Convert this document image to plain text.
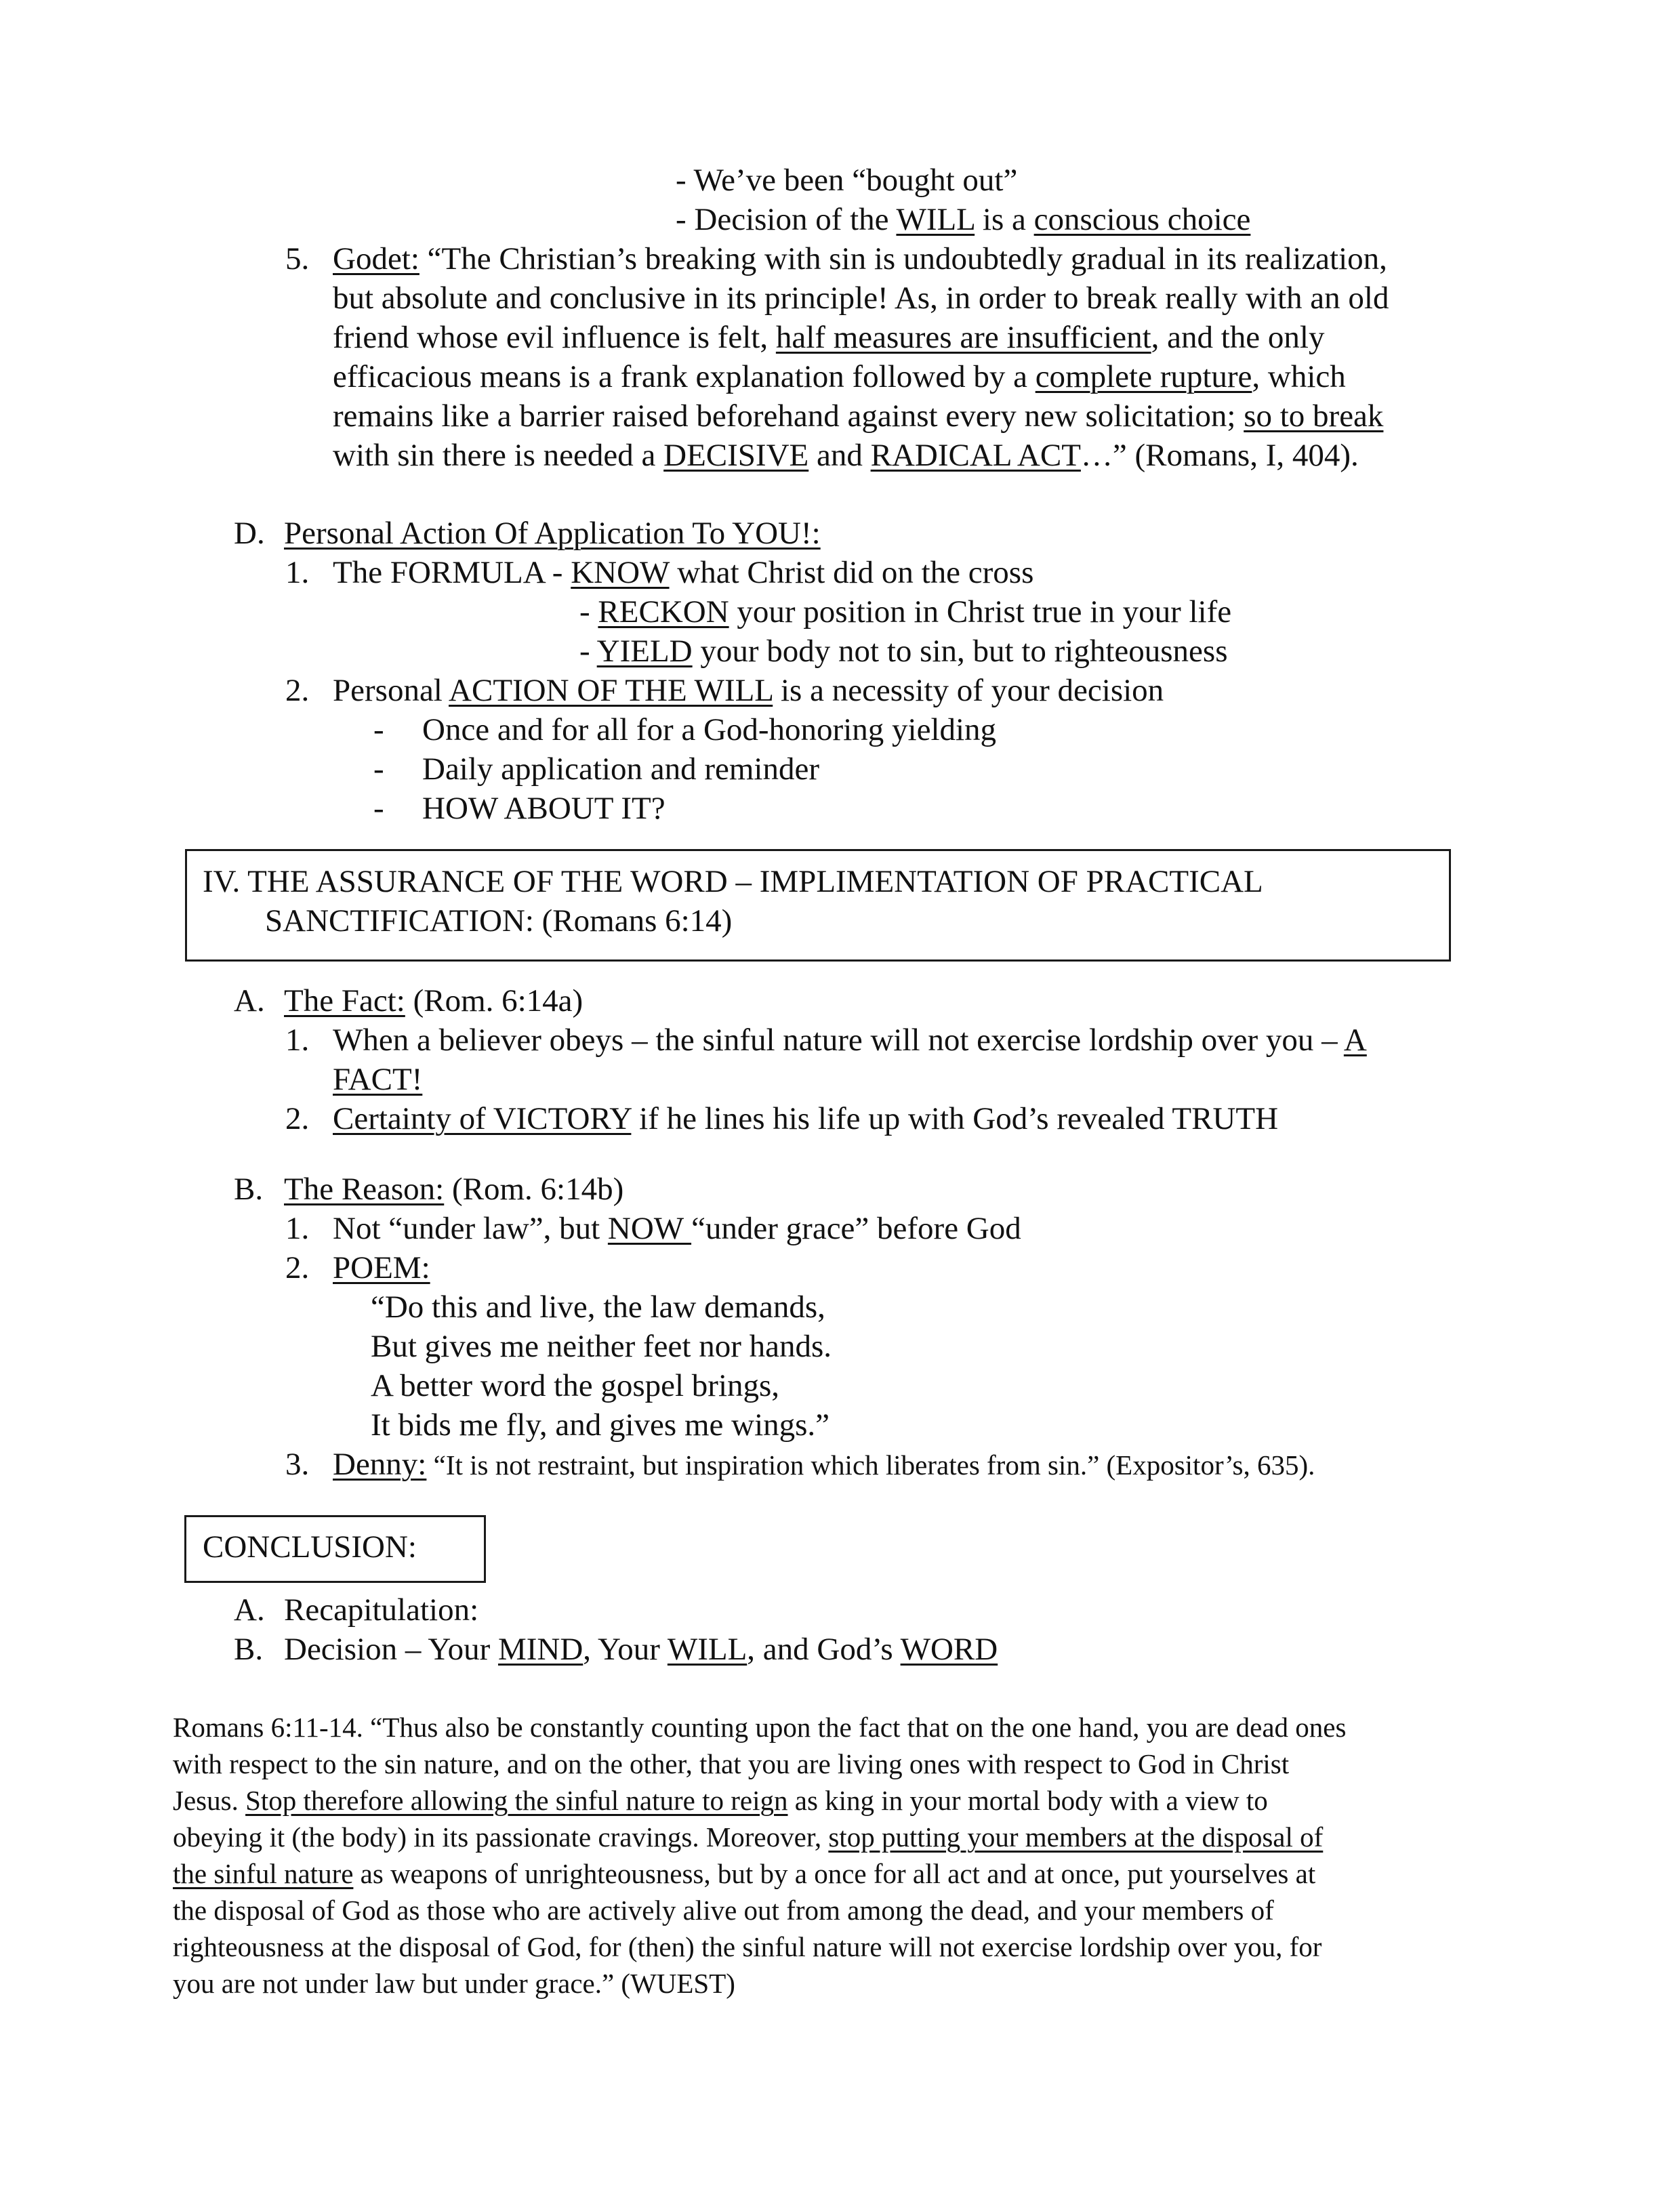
- We’ve been “bought out”
- Decision of the WILL is a conscious choice
5. Godet: “The Christian’s breaking with sin is undoubtedly gradual in its realization,
but absolute and conclusive in its principle! As, in order to break really with an old
friend whose evil influence is felt, half measures are insufficient, and the only
efficacious means is a frank explanation followed by a complete rupture, which
remains like a barrier raised beforehand against every new solicitation; so to break
with sin there is needed a DECISIVE and RADICAL ACT…” (Romans, I, 404).
D. Personal Action Of Application To YOU!:
1. The FORMULA - KNOW what Christ did on the cross
- RECKON your position in Christ true in your life
- YIELD your body not to sin, but to righteousness
2. Personal ACTION OF THE WILL is a necessity of your decision
- Once and for all for a God-honoring yielding
- Daily application and reminder
- HOW ABOUT IT?
IV. THE ASSURANCE OF THE WORD – IMPLIMENTATION OF PRACTICAL
SANCTIFICATION: (Romans 6:14)
A. The Fact: (Rom. 6:14a)
1. When a believer obeys – the sinful nature will not exercise lordship over you – A
FACT!
2. Certainty of VICTORY if he lines his life up with God’s revealed TRUTH
B. The Reason: (Rom. 6:14b)
1. Not “under law”, but NOW “under grace” before God
2. POEM:
“Do this and live, the law demands,
But gives me neither feet nor hands.
A better word the gospel brings,
It bids me fly, and gives me wings.”
3. Denny: “It is not restraint, but inspiration which liberates from sin.” (Expositor’s, 635).
CONCLUSION:
A. Recapitulation:
B. Decision – Your MIND, Your WILL, and God’s WORD
Romans 6:11-14. “Thus also be constantly counting upon the fact that on the one hand, you are dead ones
with respect to the sin nature, and on the other, that you are living ones with respect to God in Christ
Jesus. Stop therefore allowing the sinful nature to reign as king in your mortal body with a view to
obeying it (the body) in its passionate cravings. Moreover, stop putting your members at the disposal of
the sinful nature as weapons of unrighteousness, but by a once for all act and at once, put yourselves at
the disposal of God as those who are actively alive out from among the dead, and your members of
righteousness at the disposal of God, for (then) the sinful nature will not exercise lordship over you, for
you are not under law but under grace.” (WUEST)
